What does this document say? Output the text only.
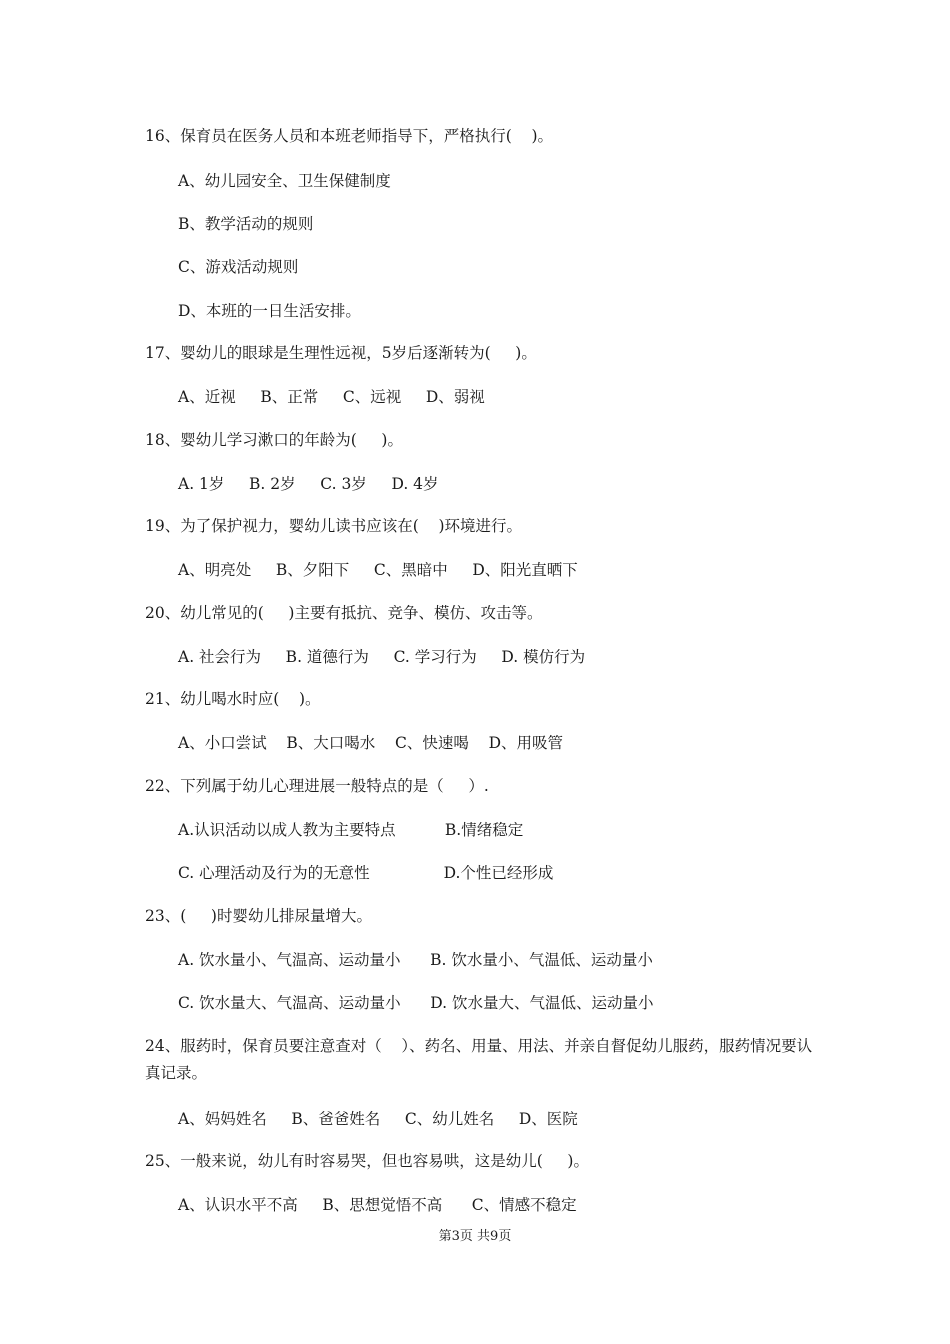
16、保育员在医务人员和本班老师指导下，严格执行(    )。
A、幼儿园安全、卫生保健制度
B、教学活动的规则
C、游戏活动规则
D、本班的一日生活安排。
17、婴幼儿的眼球是生理性远视，5岁后逐渐转为(     )。
A、近视     B、正常     C、远视     D、弱视
18、婴幼儿学习漱口的年龄为(     )。
A. 1岁     B. 2岁     C. 3岁     D. 4岁
19、为了保护视力，婴幼儿读书应该在(    )环境进行。
A、明亮处     B、夕阳下     C、黑暗中     D、阳光直晒下
20、幼儿常见的(     )主要有抵抗、竞争、模仿、攻击等。
A. 社会行为     B. 道德行为     C. 学习行为     D. 模仿行为
21、幼儿喝水时应(    )。
A、小口尝试    B、大口喝水    C、快速喝    D、用吸管
22、下列属于幼儿心理进展一般特点的是（     ）.
A.认识活动以成人教为主要特点          B.情绪稳定
C. 心理活动及行为的无意性               D.个性已经形成
23、(     )时婴幼儿排尿量增大。
A. 饮水量小、气温高、运动量小      B. 饮水量小、气温低、运动量小
C. 饮水量大、气温高、运动量小      D. 饮水量大、气温低、运动量小
24、服药时，保育员要注意查对（    ）、药名、用量、用法、并亲自督促幼儿服药，服药情况要认真记录。
A、妈妈姓名     B、爸爸姓名     C、幼儿姓名     D、医院
25、一般来说，幼儿有时容易哭，但也容易哄，这是幼儿(     )。
A、认识水平不高     B、思想觉悟不高      C、情感不稳定
第3页 共9页
